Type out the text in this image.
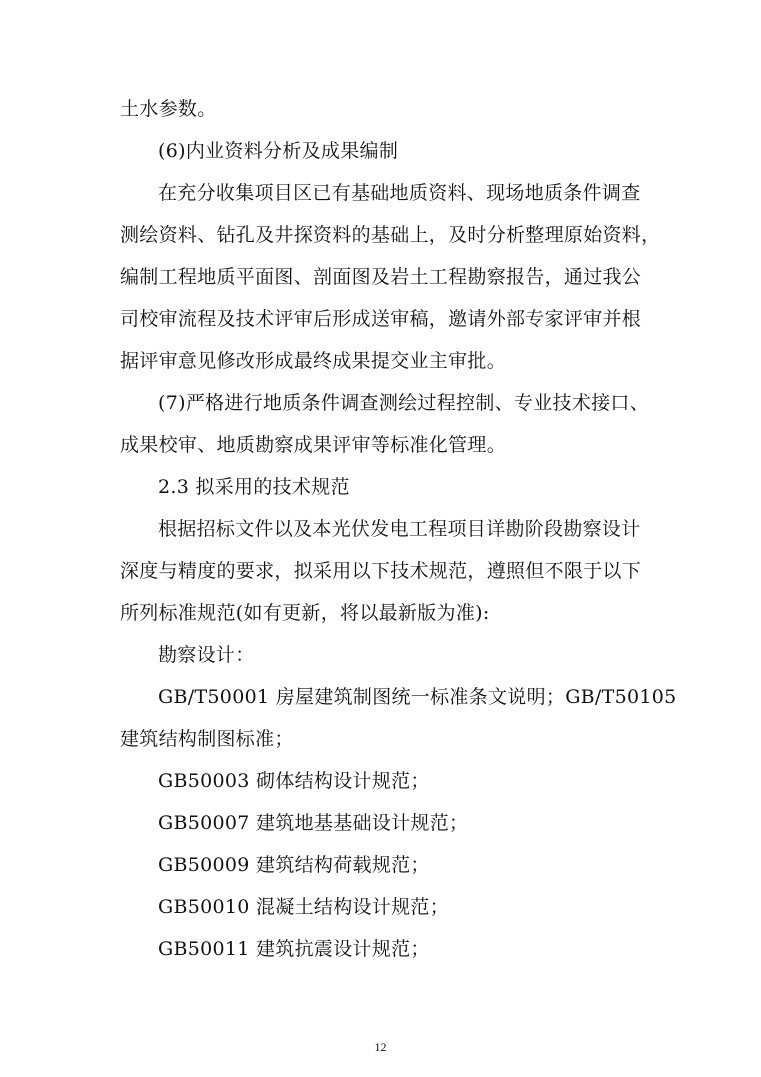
土水参数。
(6)内业资料分析及成果编制
在充分收集项目区已有基础地质资料、现场地质条件调查
测绘资料、钻孔及井探资料的基础上，及时分析整理原始资料，
编制工程地质平面图、剖面图及岩土工程勘察报告，通过我公
司校审流程及技术评审后形成送审稿，邀请外部专家评审并根
据评审意见修改形成最终成果提交业主审批。
(7)严格进行地质条件调查测绘过程控制、专业技术接口、
成果校审、地质勘察成果评审等标准化管理。
2.3 拟采用的技术规范
根据招标文件以及本光伏发电工程项目详勘阶段勘察设计
深度与精度的要求，拟采用以下技术规范，遵照但不限于以下
所列标准规范(如有更新，将以最新版为准):
勘察设计：
GB/T50001 房屋建筑制图统一标准条文说明；GB/T50105
建筑结构制图标准；
GB50003 砌体结构设计规范；
GB50007 建筑地基基础设计规范；
GB50009 建筑结构荷载规范；
GB50010 混凝土结构设计规范；
GB50011 建筑抗震设计规范；
12
